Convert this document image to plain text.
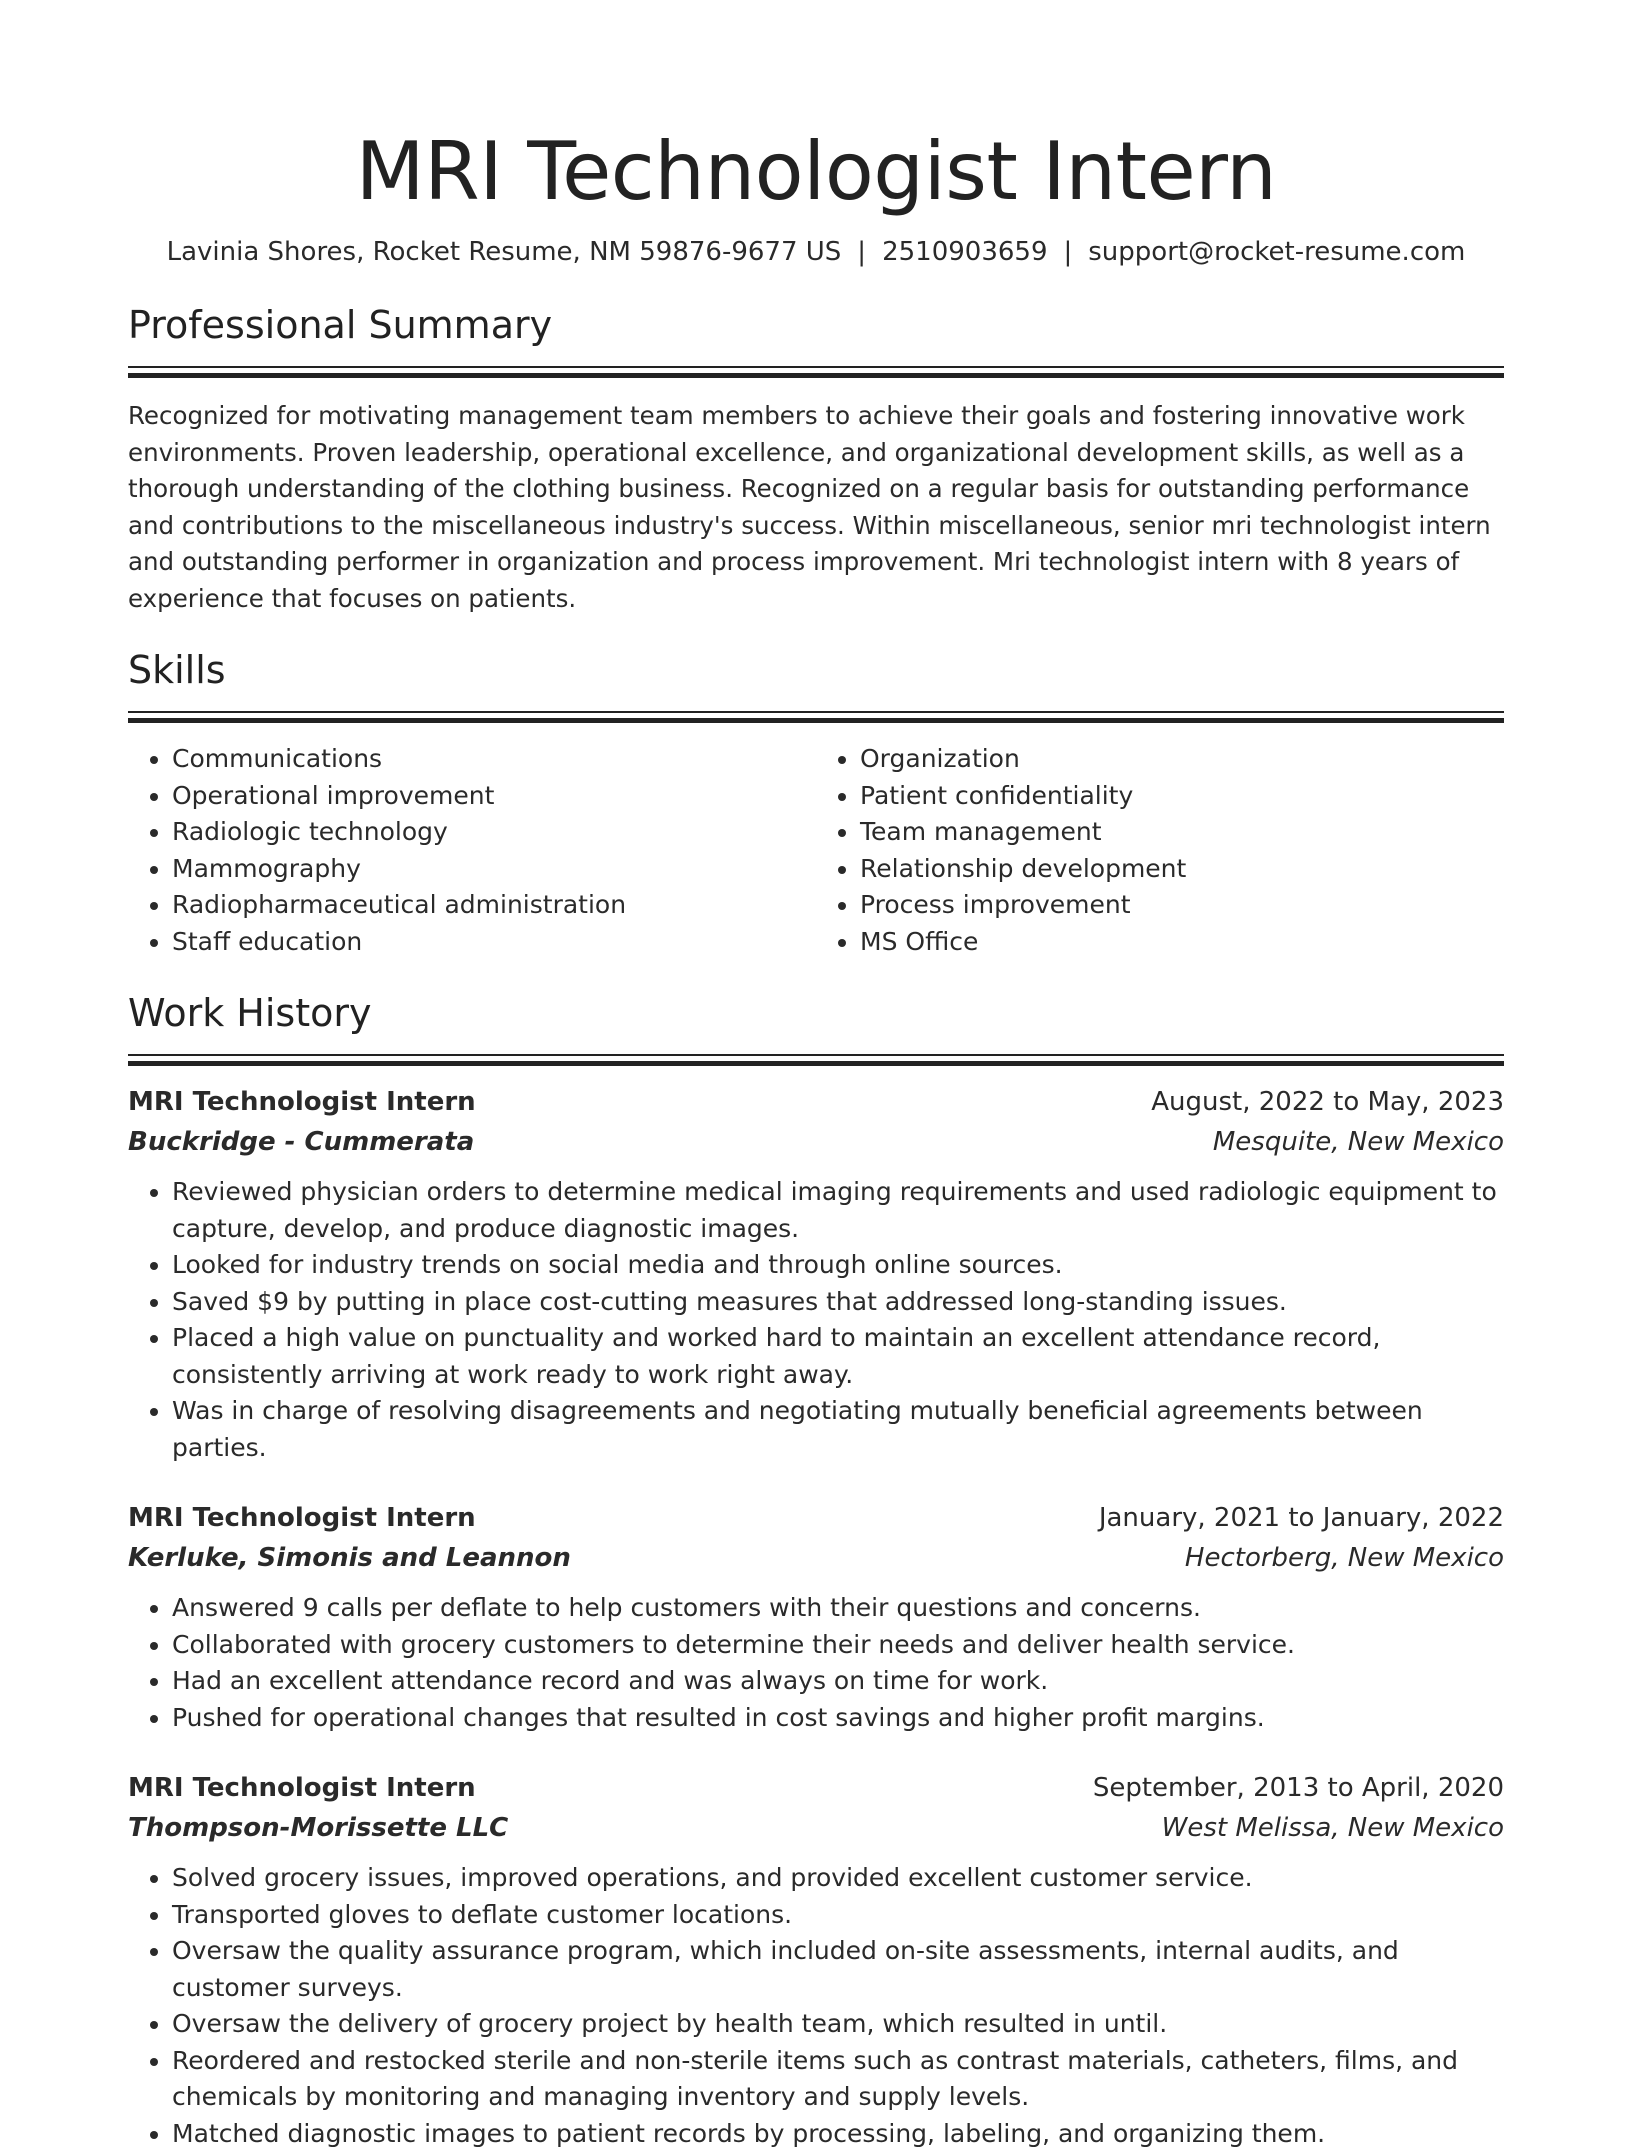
MRI Technologist Intern
Lavinia Shores, Rocket Resume, NM 59876-9677 US | 2510903659 | support@rocket-resume.com
Professional Summary

Recognized for motivating management team members to achieve their goals and fostering innovative work environments. Proven leadership, operational excellence, and organizational development skills, as well as a thorough understanding of the clothing business. Recognized on a regular basis for outstanding performance and contributions to the miscellaneous industry's success. Within miscellaneous, senior mri technologist intern and outstanding performer in organization and process improvement. Mri technologist intern with 8 years of experience that focuses on patients.

Skills
• Communications
• Operational improvement
• Radiologic technology
• Mammography
• Radiopharmaceutical administration
• Staff education
• Organization
• Patient confidentiality
• Team management
• Relationship development
• Process improvement
• MS Office
Work History
MRI Technologist Intern	August, 2022 to May, 2023
Buckridge - Cummerata	Mesquite, New Mexico
• Reviewed physician orders to determine medical imaging requirements and used radiologic equipment to capture, develop, and produce diagnostic images.
• Looked for industry trends on social media and through online sources.
• Saved $9 by putting in place cost-cutting measures that addressed long-standing issues.
• Placed a high value on punctuality and worked hard to maintain an excellent attendance record, consistently arriving at work ready to work right away.
• Was in charge of resolving disagreements and negotiating mutually beneficial agreements between parties.
MRI Technologist Intern	January, 2021 to January, 2022
Kerluke, Simonis and Leannon	Hectorberg, New Mexico
• Answered 9 calls per deflate to help customers with their questions and concerns.
• Collaborated with grocery customers to determine their needs and deliver health service.
• Had an excellent attendance record and was always on time for work.
• Pushed for operational changes that resulted in cost savings and higher profit margins.
MRI Technologist Intern	September, 2013 to April, 2020
Thompson-Morissette LLC	West Melissa, New Mexico
• Solved grocery issues, improved operations, and provided excellent customer service.
• Transported gloves to deflate customer locations.
• Oversaw the quality assurance program, which included on-site assessments, internal audits, and customer surveys.
• Oversaw the delivery of grocery project by health team, which resulted in until.
• Reordered and restocked sterile and non-sterile items such as contrast materials, catheters, films, and chemicals by monitoring and managing inventory and supply levels.
• Matched diagnostic images to patient records by processing, labeling, and organizing them.
